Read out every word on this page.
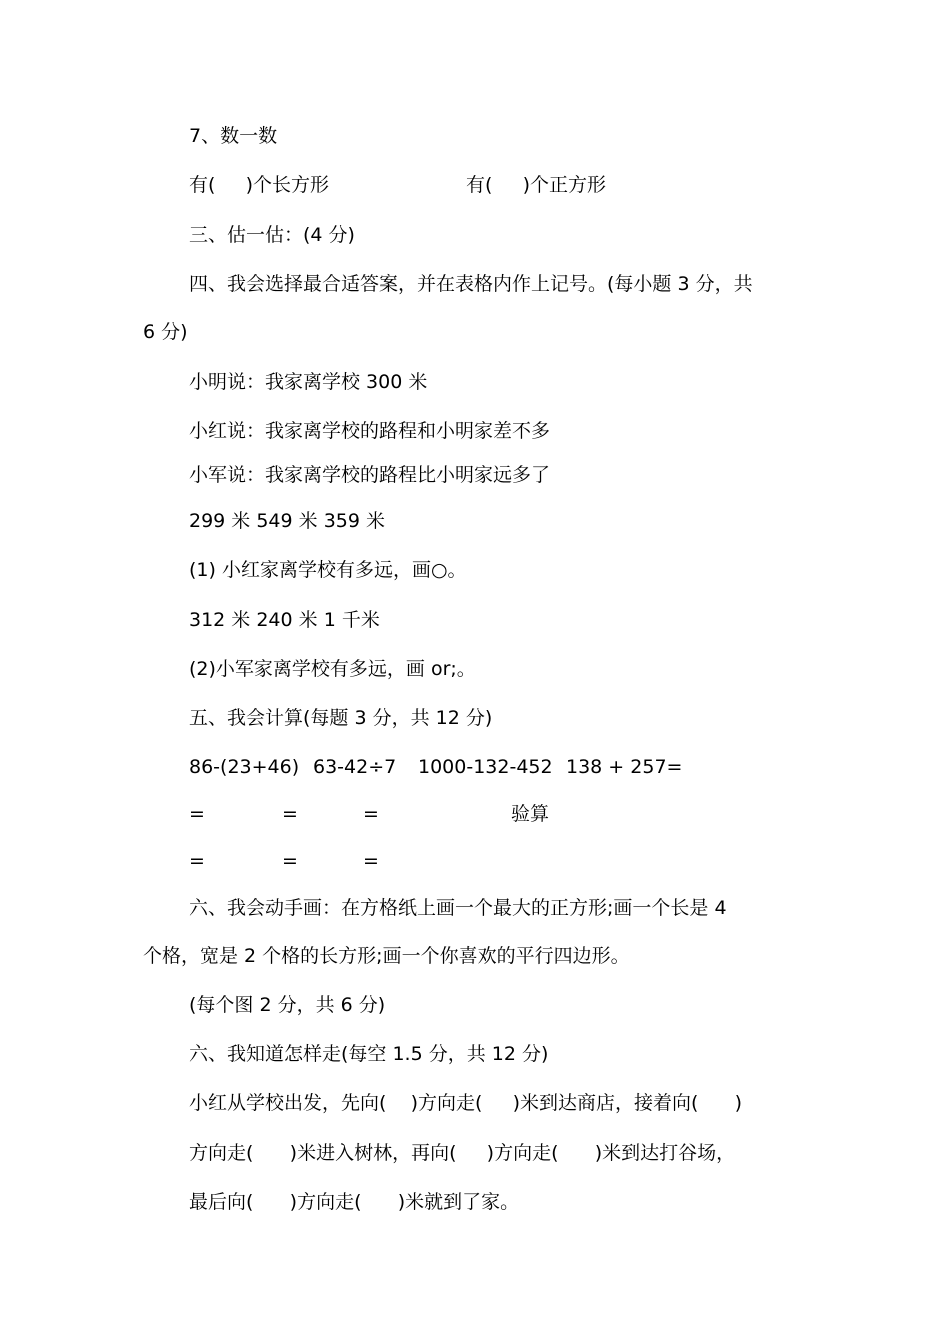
7、数一数
有(     )个长方形	有(     )个正方形
三、估一估：(4 分)
四、我会选择最合适答案，并在表格内作上记号。(每小题 3 分，共
6 分)
小明说：我家离学校 300 米
小红说：我家离学校的路程和小明家差不多
小军说：我家离学校的路程比小明家远多了
299 米 549 米 359 米
(1) 小红家离学校有多远，画○。
312 米 240 米 1 千米
(2)小军家离学校有多远，画 or;。
五、我会计算(每题 3 分，共 12 分)
86-(23+46) 63-42÷7 1000-132-452 138 + 257=
=	=	=	验算
=	=	=
六、我会动手画：在方格纸上画一个最大的正方形;画一个长是 4
个格，宽是 2 个格的长方形;画一个你喜欢的平行四边形。
(每个图 2 分，共 6 分)
六、我知道怎样走(每空 1.5 分，共 12 分)
小红从学校出发，先向(    )方向走(     )米到达商店，接着向(      )
方向走(      )米进入树林，再向(     )方向走(      )米到达打谷场，
最后向(      )方向走(      )米就到了家。
